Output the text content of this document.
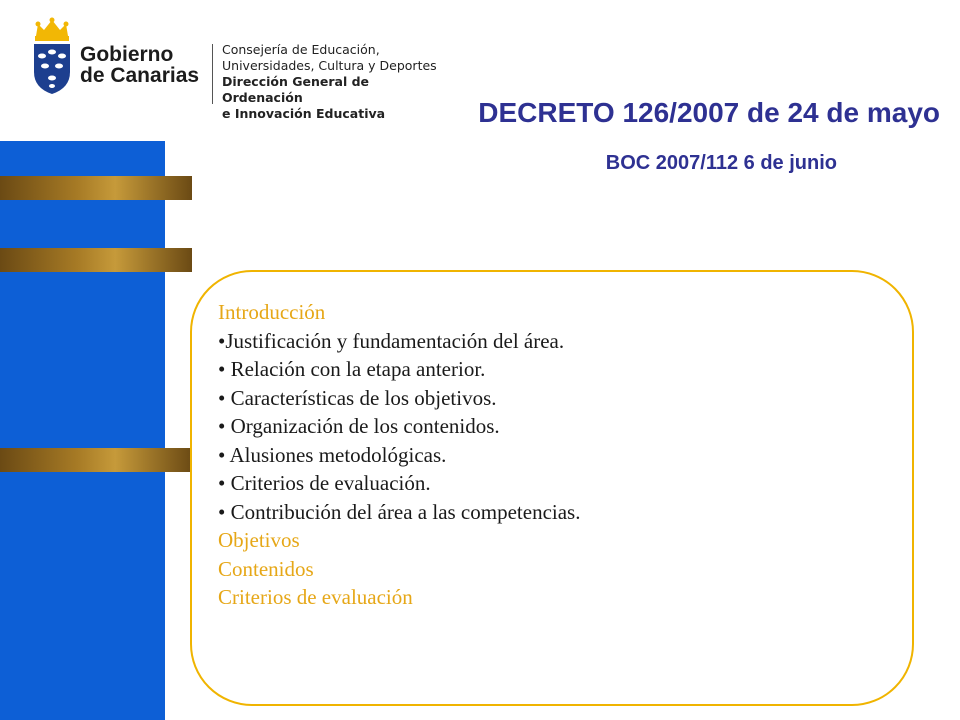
Gobierno
de Canarias
Consejería de Educación,
Universidades, Cultura y Deportes
Dirección General de Ordenación
e Innovación Educativa	DECRETO 126/2007 de 24 de mayo
BOC 2007/112 6 de junio
Introducción
•Justificación y fundamentación del área.
• Relación con la etapa anterior.
• Características de los objetivos.
• Organización de los contenidos.
• Alusiones metodológicas.
• Criterios de evaluación.
• Contribución del área a las competencias.
Objetivos
Contenidos
Criterios de evaluación
